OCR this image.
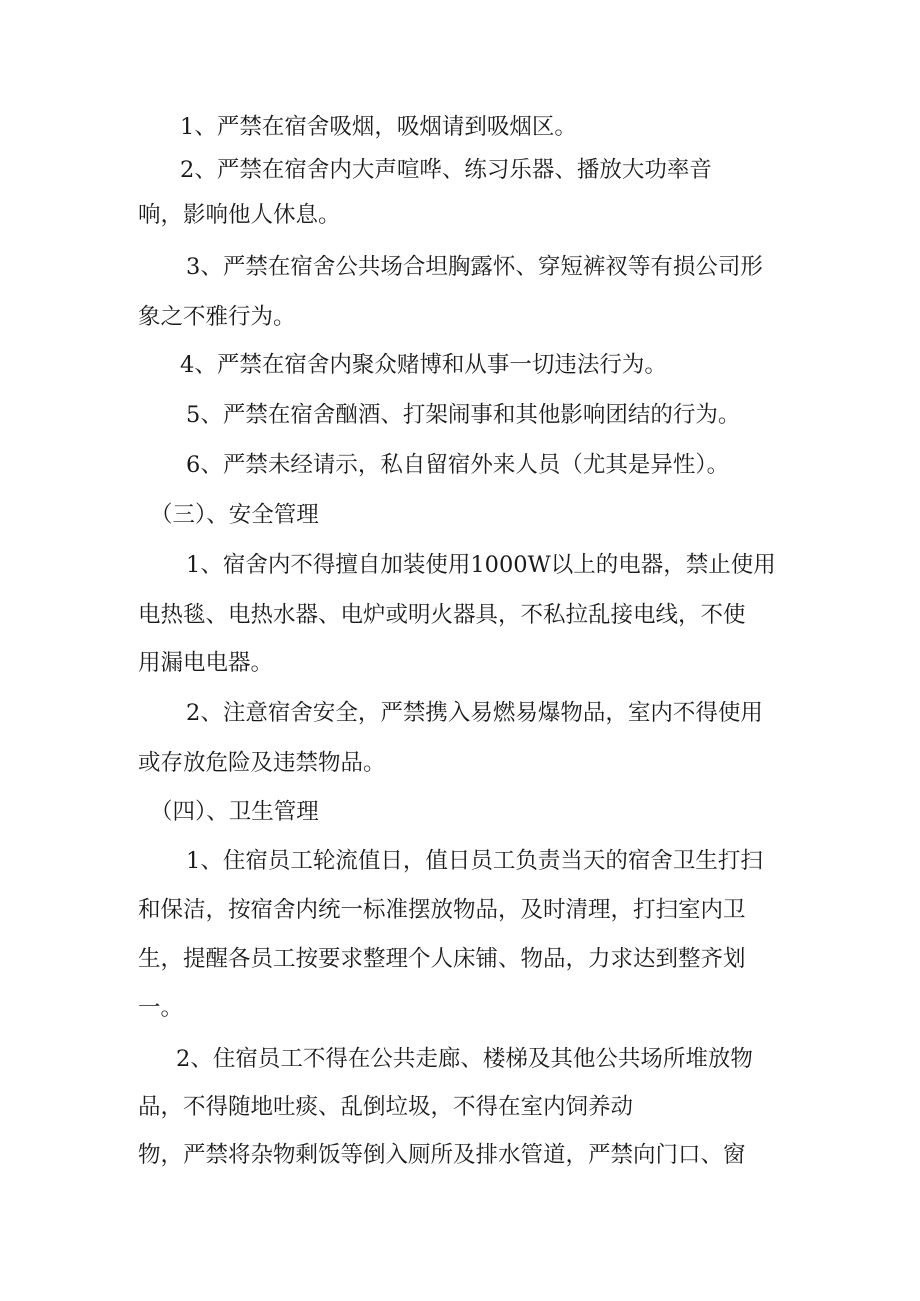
1、严禁在宿舍吸烟，吸烟请到吸烟区。
2、严禁在宿舍内大声喧哗、练习乐器、播放大功率音
响，影响他人休息。
3、严禁在宿舍公共场合坦胸露怀、穿短裤衩等有损公司形
象之不雅行为。
4、严禁在宿舍内聚众赌博和从事一切违法行为。
5、严禁在宿舍酗酒、打架闹事和其他影响团结的行为。
6、严禁未经请示，私自留宿外来人员（尤其是异性）。
（三）、安全管理
1、宿舍内不得擅自加装使用1000W以上的电器，禁止使用
电热毯、电热水器、电炉或明火器具，不私拉乱接电线，不使
用漏电电器。
2、注意宿舍安全，严禁携入易燃易爆物品，室内不得使用
或存放危险及违禁物品。
（四）、卫生管理
1、住宿员工轮流值日，值日员工负责当天的宿舍卫生打扫
和保洁，按宿舍内统一标准摆放物品，及时清理，打扫室内卫
生，提醒各员工按要求整理个人床铺、物品，力求达到整齐划
一。
2、住宿员工不得在公共走廊、楼梯及其他公共场所堆放物
品，不得随地吐痰、乱倒垃圾，不得在室内饲养动
物，严禁将杂物剩饭等倒入厕所及排水管道，严禁向门口、窗
